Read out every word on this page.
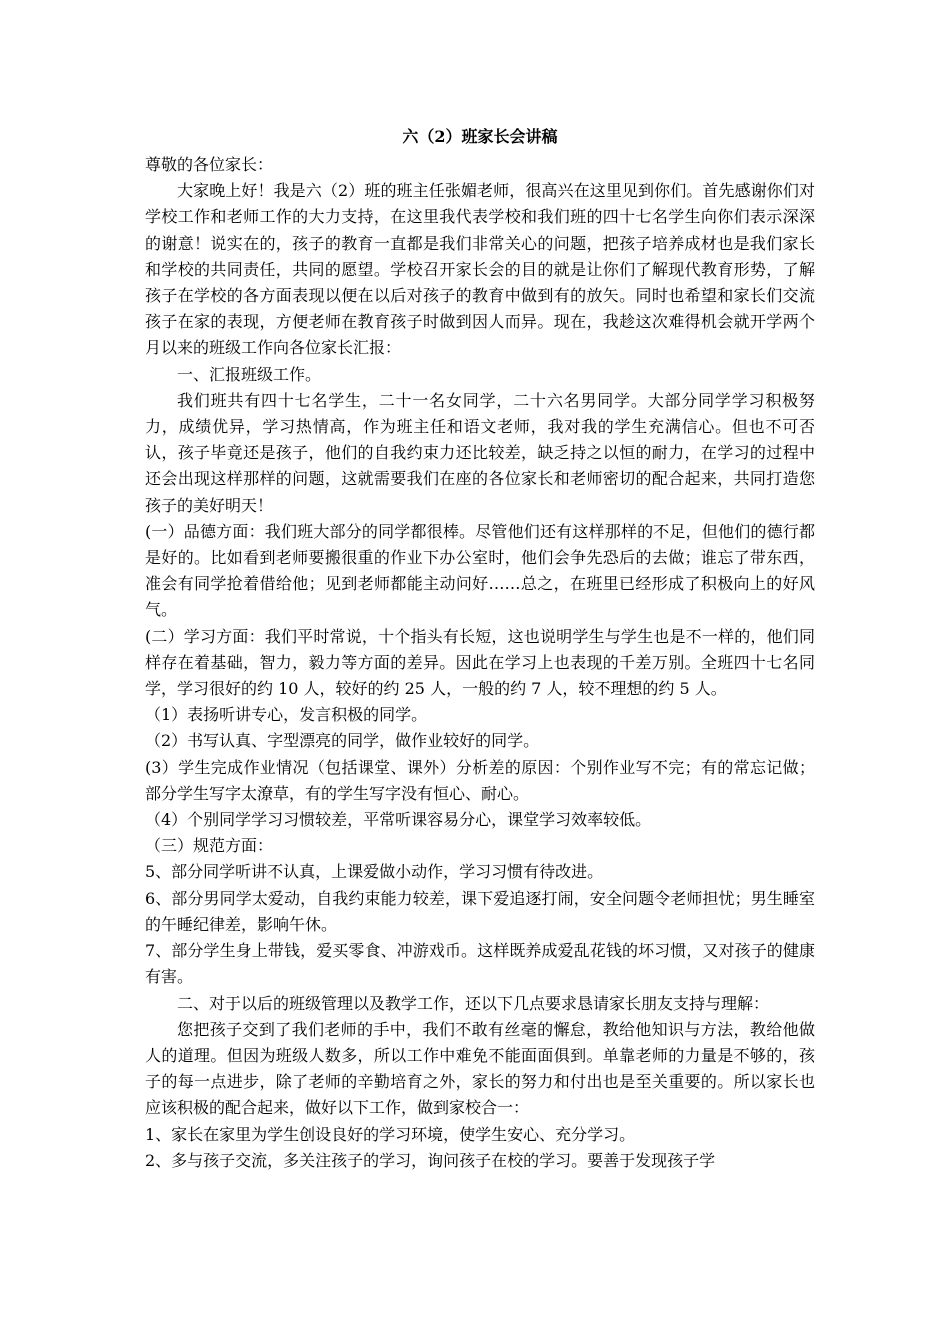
六（2）班家长会讲稿

尊敬的各位家长：

大家晚上好！我是六（2）班的班主任张媚老师，很高兴在这里见到你们。首先感谢你们对学校工作和老师工作的大力支持，在这里我代表学校和我们班的四十七名学生向你们表示深深的谢意！说实在的，孩子的教育一直都是我们非常关心的问题，把孩子培养成材也是我们家长和学校的共同责任，共同的愿望。学校召开家长会的目的就是让你们了解现代教育形势，了解孩子在学校的各方面表现以便在以后对孩子的教育中做到有的放矢。同时也希望和家长们交流孩子在家的表现，方便老师在教育孩子时做到因人而异。现在，我趁这次难得机会就开学两个月以来的班级工作向各位家长汇报：

一、汇报班级工作。

我们班共有四十七名学生，二十一名女同学，二十六名男同学。大部分同学学习积极努力，成绩优异，学习热情高，作为班主任和语文老师，我对我的学生充满信心。但也不可否认，孩子毕竟还是孩子，他们的自我约束力还比较差，缺乏持之以恒的耐力，在学习的过程中还会出现这样那样的问题，这就需要我们在座的各位家长和老师密切的配合起来，共同打造您孩子的美好明天！

(一）品德方面：我们班大部分的同学都很棒。尽管他们还有这样那样的不足，但他们的德行都是好的。比如看到老师要搬很重的作业下办公室时，他们会争先恐后的去做；谁忘了带东西，准会有同学抢着借给他；见到老师都能主动问好……总之，在班里已经形成了积极向上的好风气。

(二）学习方面：我们平时常说，十个指头有长短，这也说明学生与学生也是不一样的，他们同样存在着基础，智力，毅力等方面的差异。因此在学习上也表现的千差万别。全班四十七名同学，学习很好的约 10 人，较好的约 25 人，一般的约 7 人，较不理想的约 5 人。

（1）表扬听讲专心，发言积极的同学。

（2）书写认真、字型漂亮的同学，做作业较好的同学。

(3）学生完成作业情况（包括课堂、课外）分析差的原因：个别作业写不完；有的常忘记做；部分学生写字太潦草，有的学生写字没有恒心、耐心。

（4）个别同学学习习惯较差，平常听课容易分心，课堂学习效率较低。

（三）规范方面：

5、部分同学听讲不认真，上课爱做小动作，学习习惯有待改进。

6、部分男同学太爱动，自我约束能力较差，课下爱追逐打闹，安全问题令老师担忧；男生睡室的午睡纪律差，影响午休。

7、部分学生身上带钱，爱买零食、冲游戏币。这样既养成爱乱花钱的坏习惯，又对孩子的健康有害。

二、对于以后的班级管理以及教学工作，还以下几点要求恳请家长朋友支持与理解：

您把孩子交到了我们老师的手中，我们不敢有丝毫的懈怠，教给他知识与方法，教给他做人的道理。但因为班级人数多，所以工作中难免不能面面俱到。单靠老师的力量是不够的，孩子的每一点进步，除了老师的辛勤培育之外，家长的努力和付出也是至关重要的。所以家长也应该积极的配合起来，做好以下工作，做到家校合一：

1、家长在家里为学生创设良好的学习环境，使学生安心、充分学习。

2、多与孩子交流，多关注孩子的学习，询问孩子在校的学习。要善于发现孩子学
